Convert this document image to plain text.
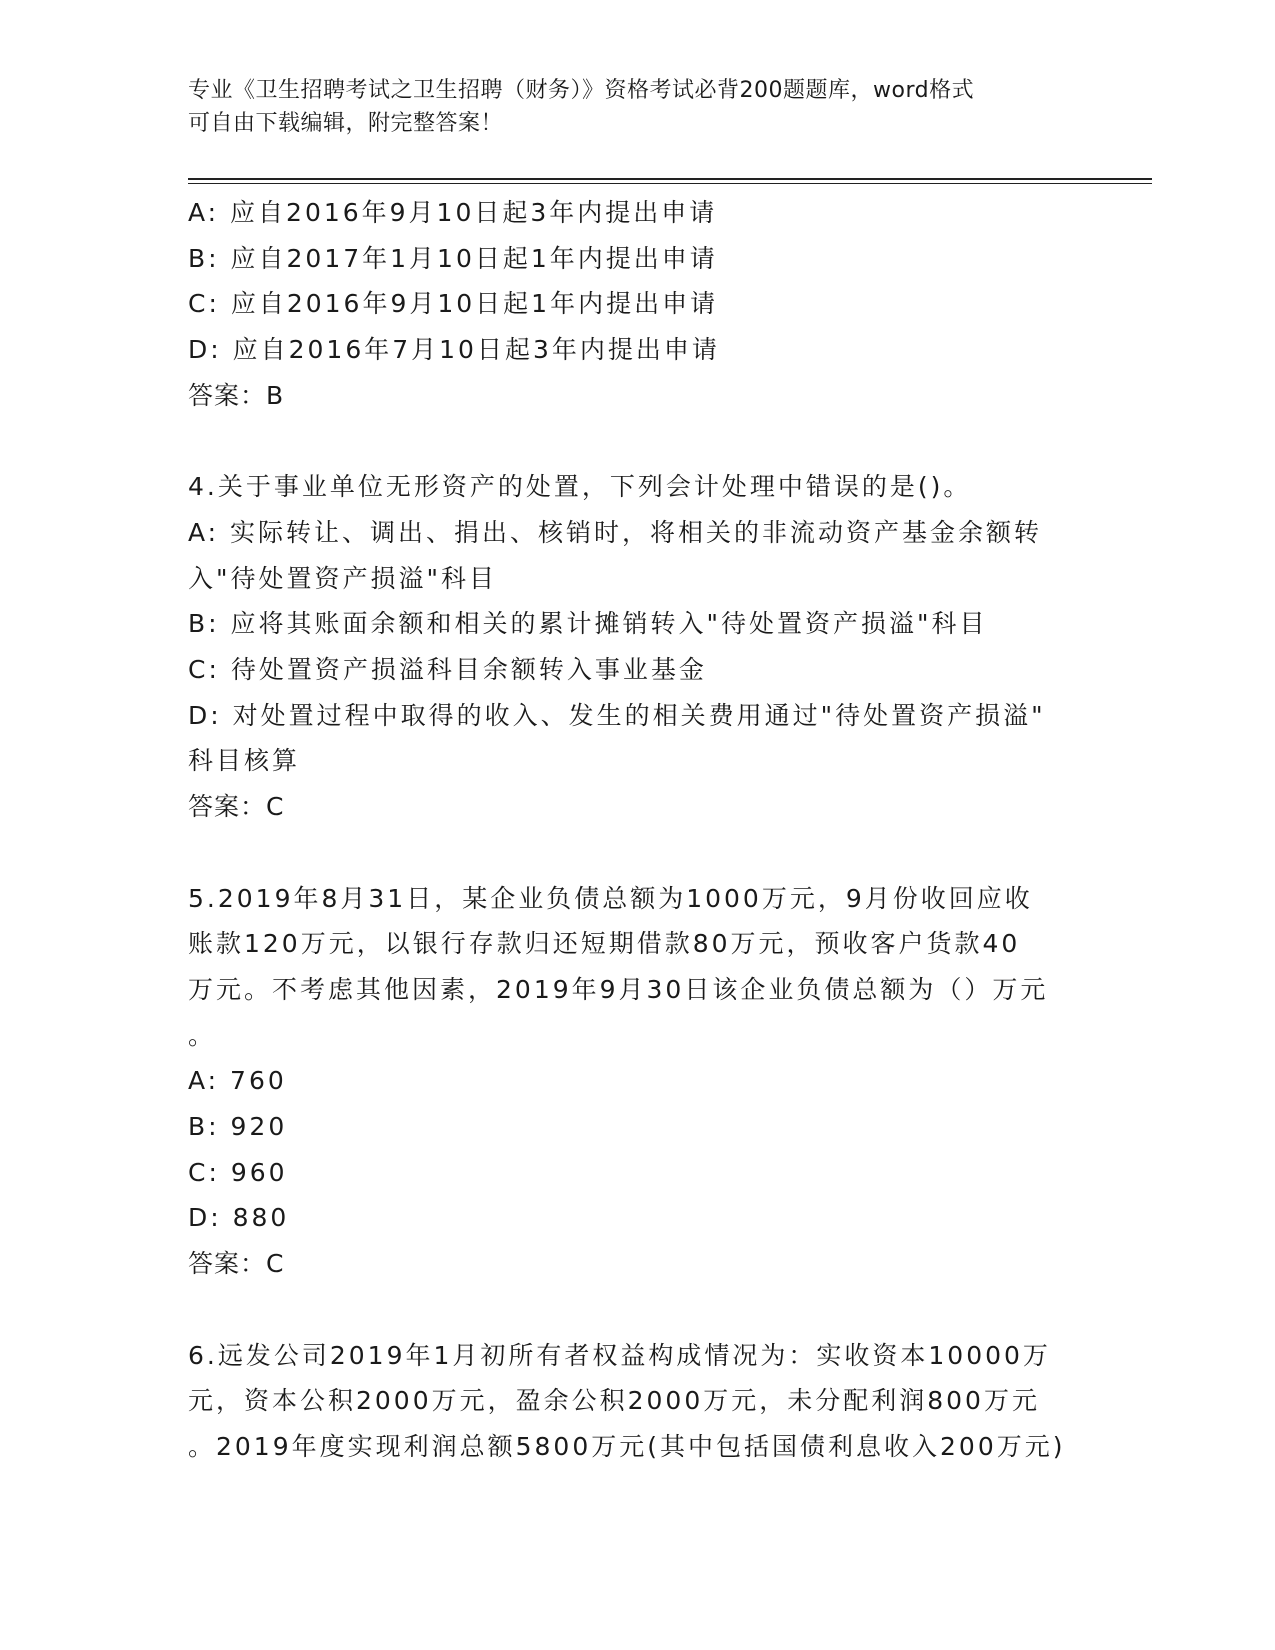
专业《卫生招聘考试之卫生招聘（财务）》资格考试必背200题题库，word格式
可自由下载编辑，附完整答案！
A: 应自2016年9月10日起3年内提出申请
B: 应自2017年1月10日起1年内提出申请
C: 应自2016年9月10日起1年内提出申请
D: 应自2016年7月10日起3年内提出申请
答案：B
4.关于事业单位无形资产的处置，下列会计处理中错误的是()。
A: 实际转让、调出、捐出、核销时，将相关的非流动资产基金余额转
入"待处置资产损溢"科目
B: 应将其账面余额和相关的累计摊销转入"待处置资产损溢"科目
C: 待处置资产损溢科目余额转入事业基金
D: 对处置过程中取得的收入、发生的相关费用通过"待处置资产损溢"
科目核算
答案：C
5.2019年8月31日，某企业负债总额为1000万元，9月份收回应收
账款120万元，以银行存款归还短期借款80万元，预收客户货款40
万元。不考虑其他因素，2019年9月30日该企业负债总额为（）万元
。
A: 760
B: 920
C: 960
D: 880
答案：C
6.远发公司2019年1月初所有者权益构成情况为：实收资本10000万
元，资本公积2000万元，盈余公积2000万元，未分配利润800万元
。2019年度实现利润总额5800万元(其中包括国债利息收入200万元)
